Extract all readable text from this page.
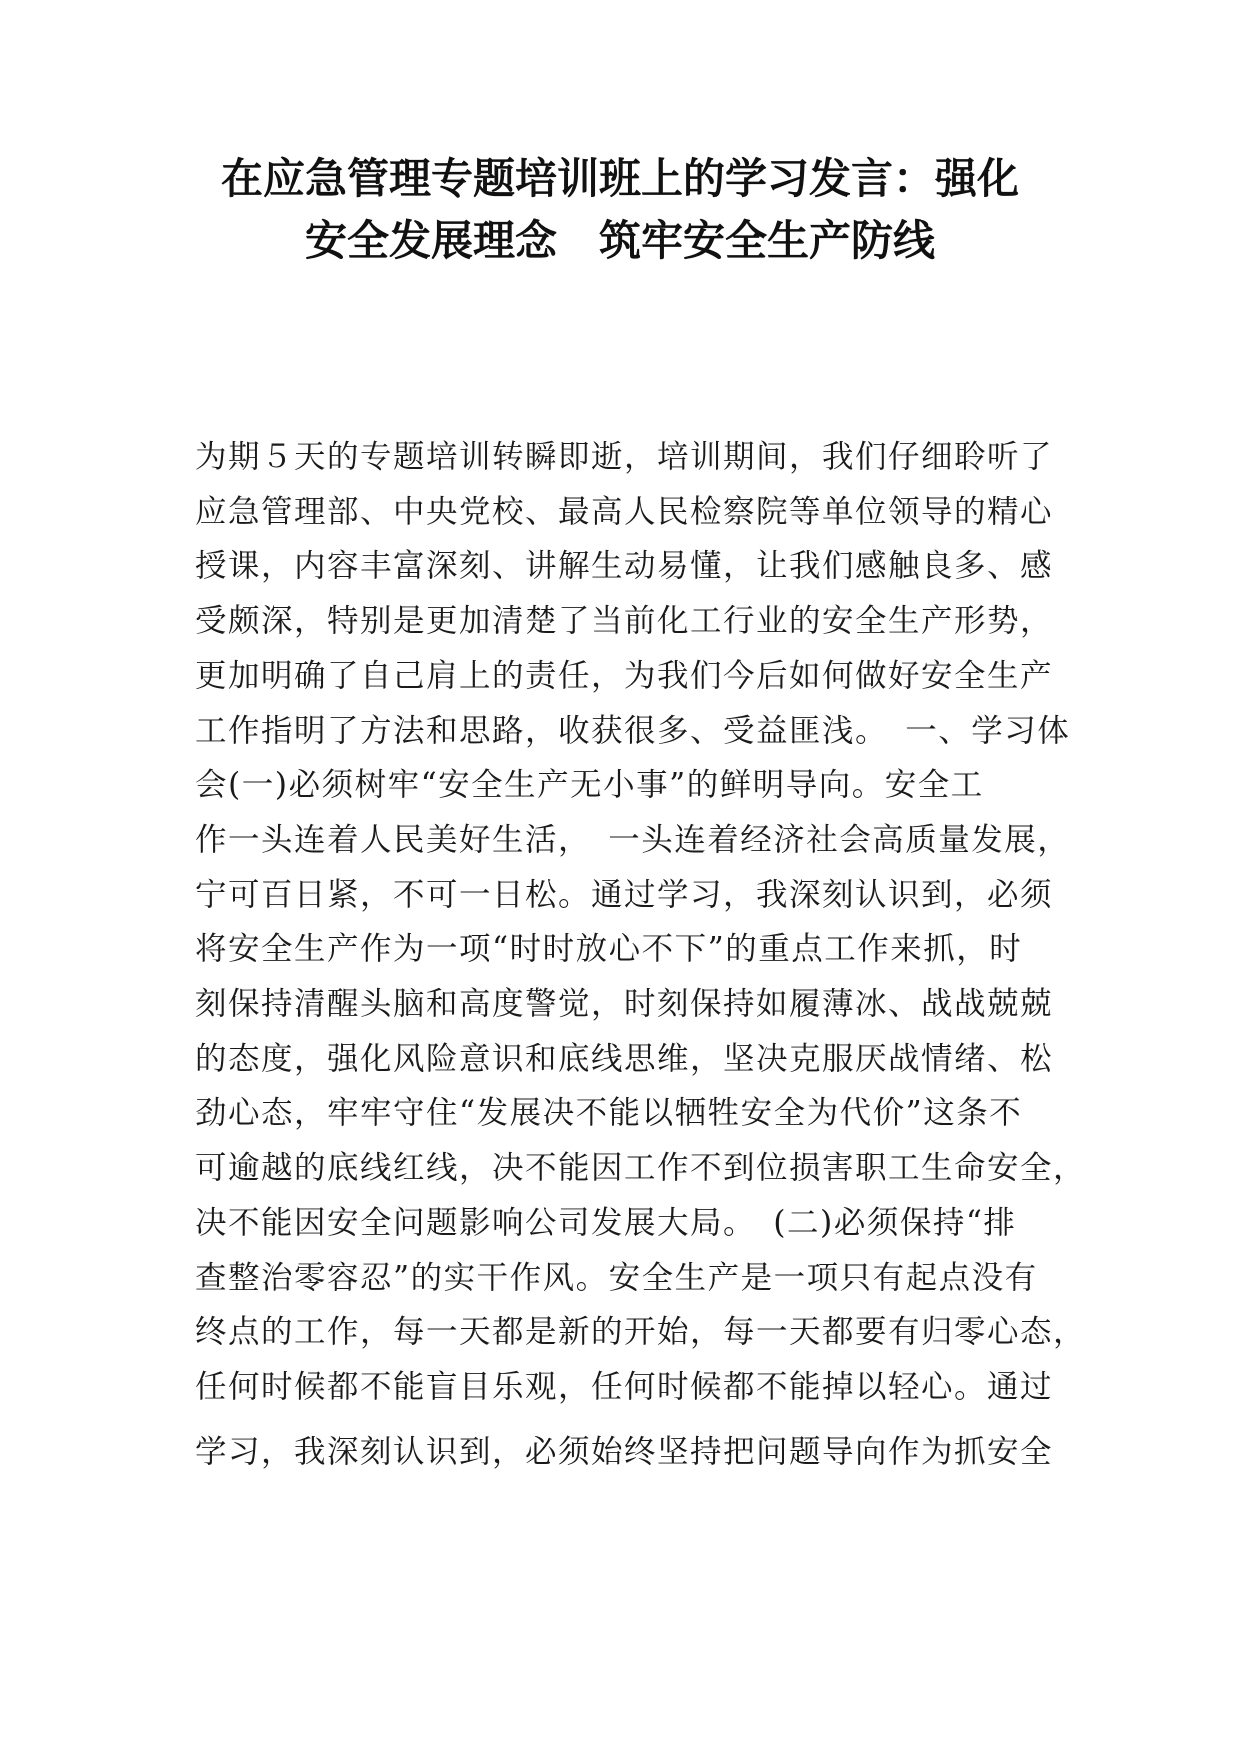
在应急管理专题培训班上的学习发言：强化
安全发展理念　筑牢安全生产防线
为期５天的专题培训转瞬即逝，培训期间，我们仔细聆听了
应急管理部、中央党校、最高人民检察院等单位领导的精心
授课，内容丰富深刻、讲解生动易懂，让我们感触良多、感
受颇深，特别是更加清楚了当前化工行业的安全生产形势，
更加明确了自己肩上的责任，为我们今后如何做好安全生产
工作指明了方法和思路，收获很多、受益匪浅。　一、学习体
会(一)必须树牢“安全生产无小事”的鲜明导向。安全工
作一头连着人民美好生活，　一头连着经济社会高质量发展，
宁可百日紧，不可一日松。通过学习，我深刻认识到，必须
将安全生产作为一项“时时放心不下”的重点工作来抓，时
刻保持清醒头脑和高度警觉，时刻保持如履薄冰、战战兢兢
的态度，强化风险意识和底线思维，坚决克服厌战情绪、松
劲心态，牢牢守住“发展决不能以牺牲安全为代价”这条不
可逾越的底线红线，决不能因工作不到位损害职工生命安全，
决不能因安全问题影响公司发展大局。　(二)必须保持“排
查整治零容忍”的实干作风。安全生产是一项只有起点没有
终点的工作，每一天都是新的开始，每一天都要有归零心态，
任何时候都不能盲目乐观，任何时候都不能掉以轻心。通过
学习，我深刻认识到，必须始终坚持把问题导向作为抓安全
